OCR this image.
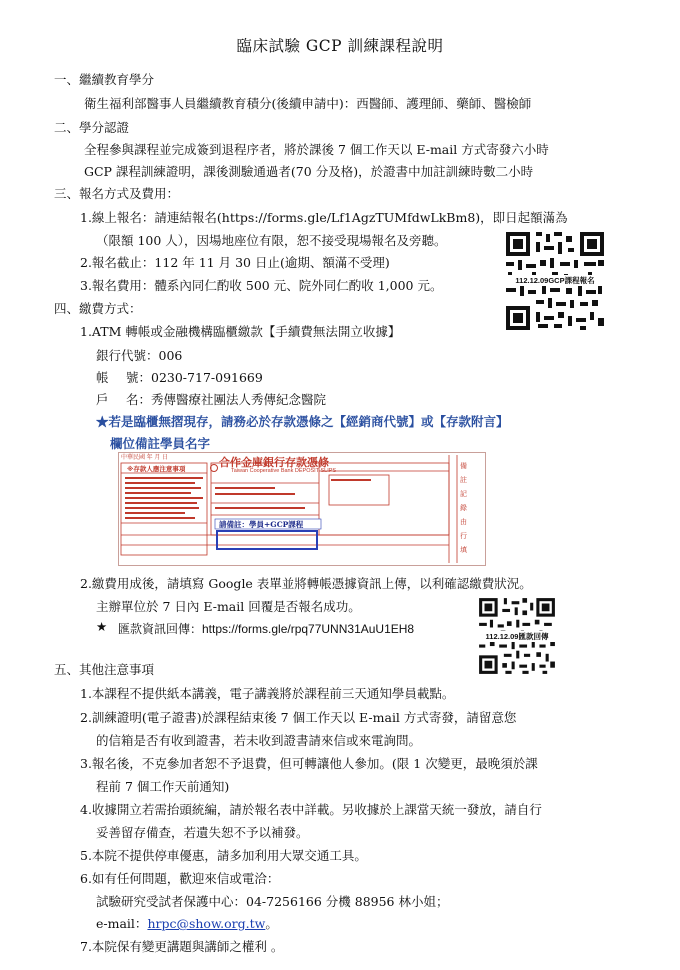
臨床試驗 GCP 訓練課程說明
一、繼續教育學分
衛生福利部醫事人員繼續教育積分(後續申請中)：西醫師、護理師、藥師、醫檢師
二、學分認證
全程參與課程並完成簽到退程序者，將於課後 7 個工作天以 E-mail 方式寄發六小時
GCP 課程訓練證明，課後測驗通過者(70 分及格)，於證書中加註訓練時數二小時
三、報名方式及費用：
1.線上報名：請連結報名(https://forms.gle/Lf1AgzTUMfdwLkBm8)，即日起額滿為
（限額 100 人），因場地座位有限，恕不接受現場報名及旁聽。
2.報名截止：112 年 11 月 30 日止(逾期、額滿不受理)
3.報名費用：體系內同仁酌收 500 元、院外同仁酌收 1,000 元。	112.12.09GCP課程報名
四、繳費方式：
1.ATM 轉帳或金融機構臨櫃繳款【手續費無法開立收據】
銀行代號：006
帳 號：0230-717-091669
戶 名：秀傳醫療社團法人秀傳紀念醫院
★若是臨櫃無摺現存，請務必於存款憑條之【經銷商代號】或【存款附言】
欄位備註學員名字
中華民國 年 月 日
※存款人應注意事項
合作金庫銀行存款憑條
Taiwan Cooperative Bank DEPOSIT SLIPS
請備註：學員+GCP課程
備
註
記
錄
由
行
填
2.繳費用成後，請填寫 Google 表單並將轉帳憑據資訊上傳，以利確認繳費狀況。
主辦單位於 7 日內 E-mail 回覆是否報名成功。
★ 匯款資訊回傳：https://forms.gle/rpq77UNN31AuU1EH8
112.12.09匯款回傳
五、其他注意事項
1.本課程不提供紙本講義，電子講義將於課程前三天通知學員載點。
2.訓練證明(電子證書)於課程結束後 7 個工作天以 E-mail 方式寄發，請留意您
的信箱是否有收到證書，若未收到證書請來信或來電詢問。
3.報名後，不克參加者恕不予退費，但可轉讓他人參加。(限 1 次變更，最晚須於課
程前 7 個工作天前通知)
4.收據開立若需抬頭統編，請於報名表中詳載。另收據於上課當天統一發放，請自行
妥善留存備查，若遺失恕不予以補發。
5.本院不提供停車優惠，請多加利用大眾交通工具。
6.如有任何問題，歡迎來信或電洽：
試驗研究受試者保護中心：04-7256166 分機 88956 林小姐；
e-mail：hrpc@show.org.tw。
7.本院保有變更講題與講師之權利 。
